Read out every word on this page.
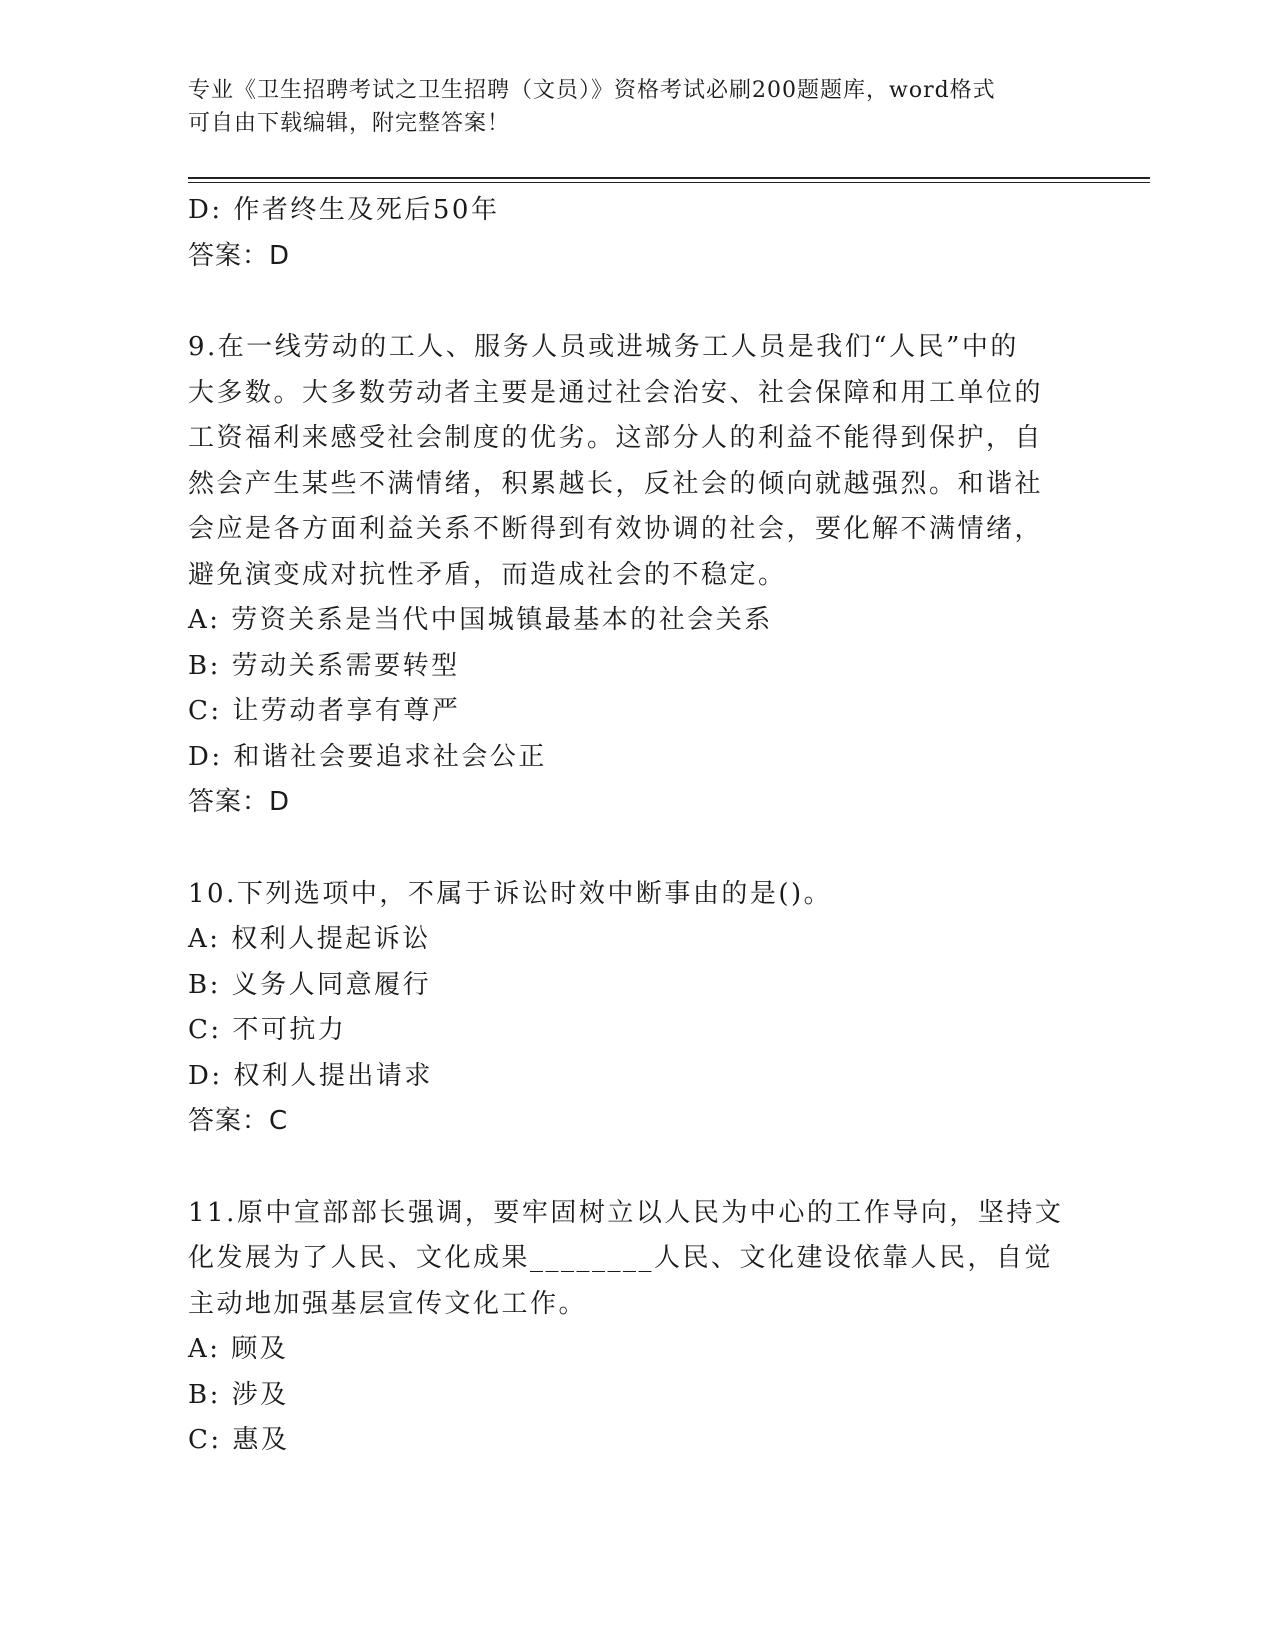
专业《卫生招聘考试之卫生招聘（文员）》资格考试必刷200题题库，word格式
可自由下载编辑，附完整答案！
D: 作者终生及死后50年
答案：D
9.在一线劳动的工人、服务人员或进城务工人员是我们“人民”中的
大多数。大多数劳动者主要是通过社会治安、社会保障和用工单位的
工资福利来感受社会制度的优劣。这部分人的利益不能得到保护，自
然会产生某些不满情绪，积累越长，反社会的倾向就越强烈。和谐社
会应是各方面利益关系不断得到有效协调的社会，要化解不满情绪，
避免演变成对抗性矛盾，而造成社会的不稳定。
A: 劳资关系是当代中国城镇最基本的社会关系
B: 劳动关系需要转型
C: 让劳动者享有尊严
D: 和谐社会要追求社会公正
答案：D
10.下列选项中，不属于诉讼时效中断事由的是()。
A: 权利人提起诉讼
B: 义务人同意履行
C: 不可抗力
D: 权利人提出请求
答案：C
11.原中宣部部长强调，要牢固树立以人民为中心的工作导向，坚持文
化发展为了人民、文化成果________人民、文化建设依靠人民，自觉
主动地加强基层宣传文化工作。
A: 顾及
B: 涉及
C: 惠及
